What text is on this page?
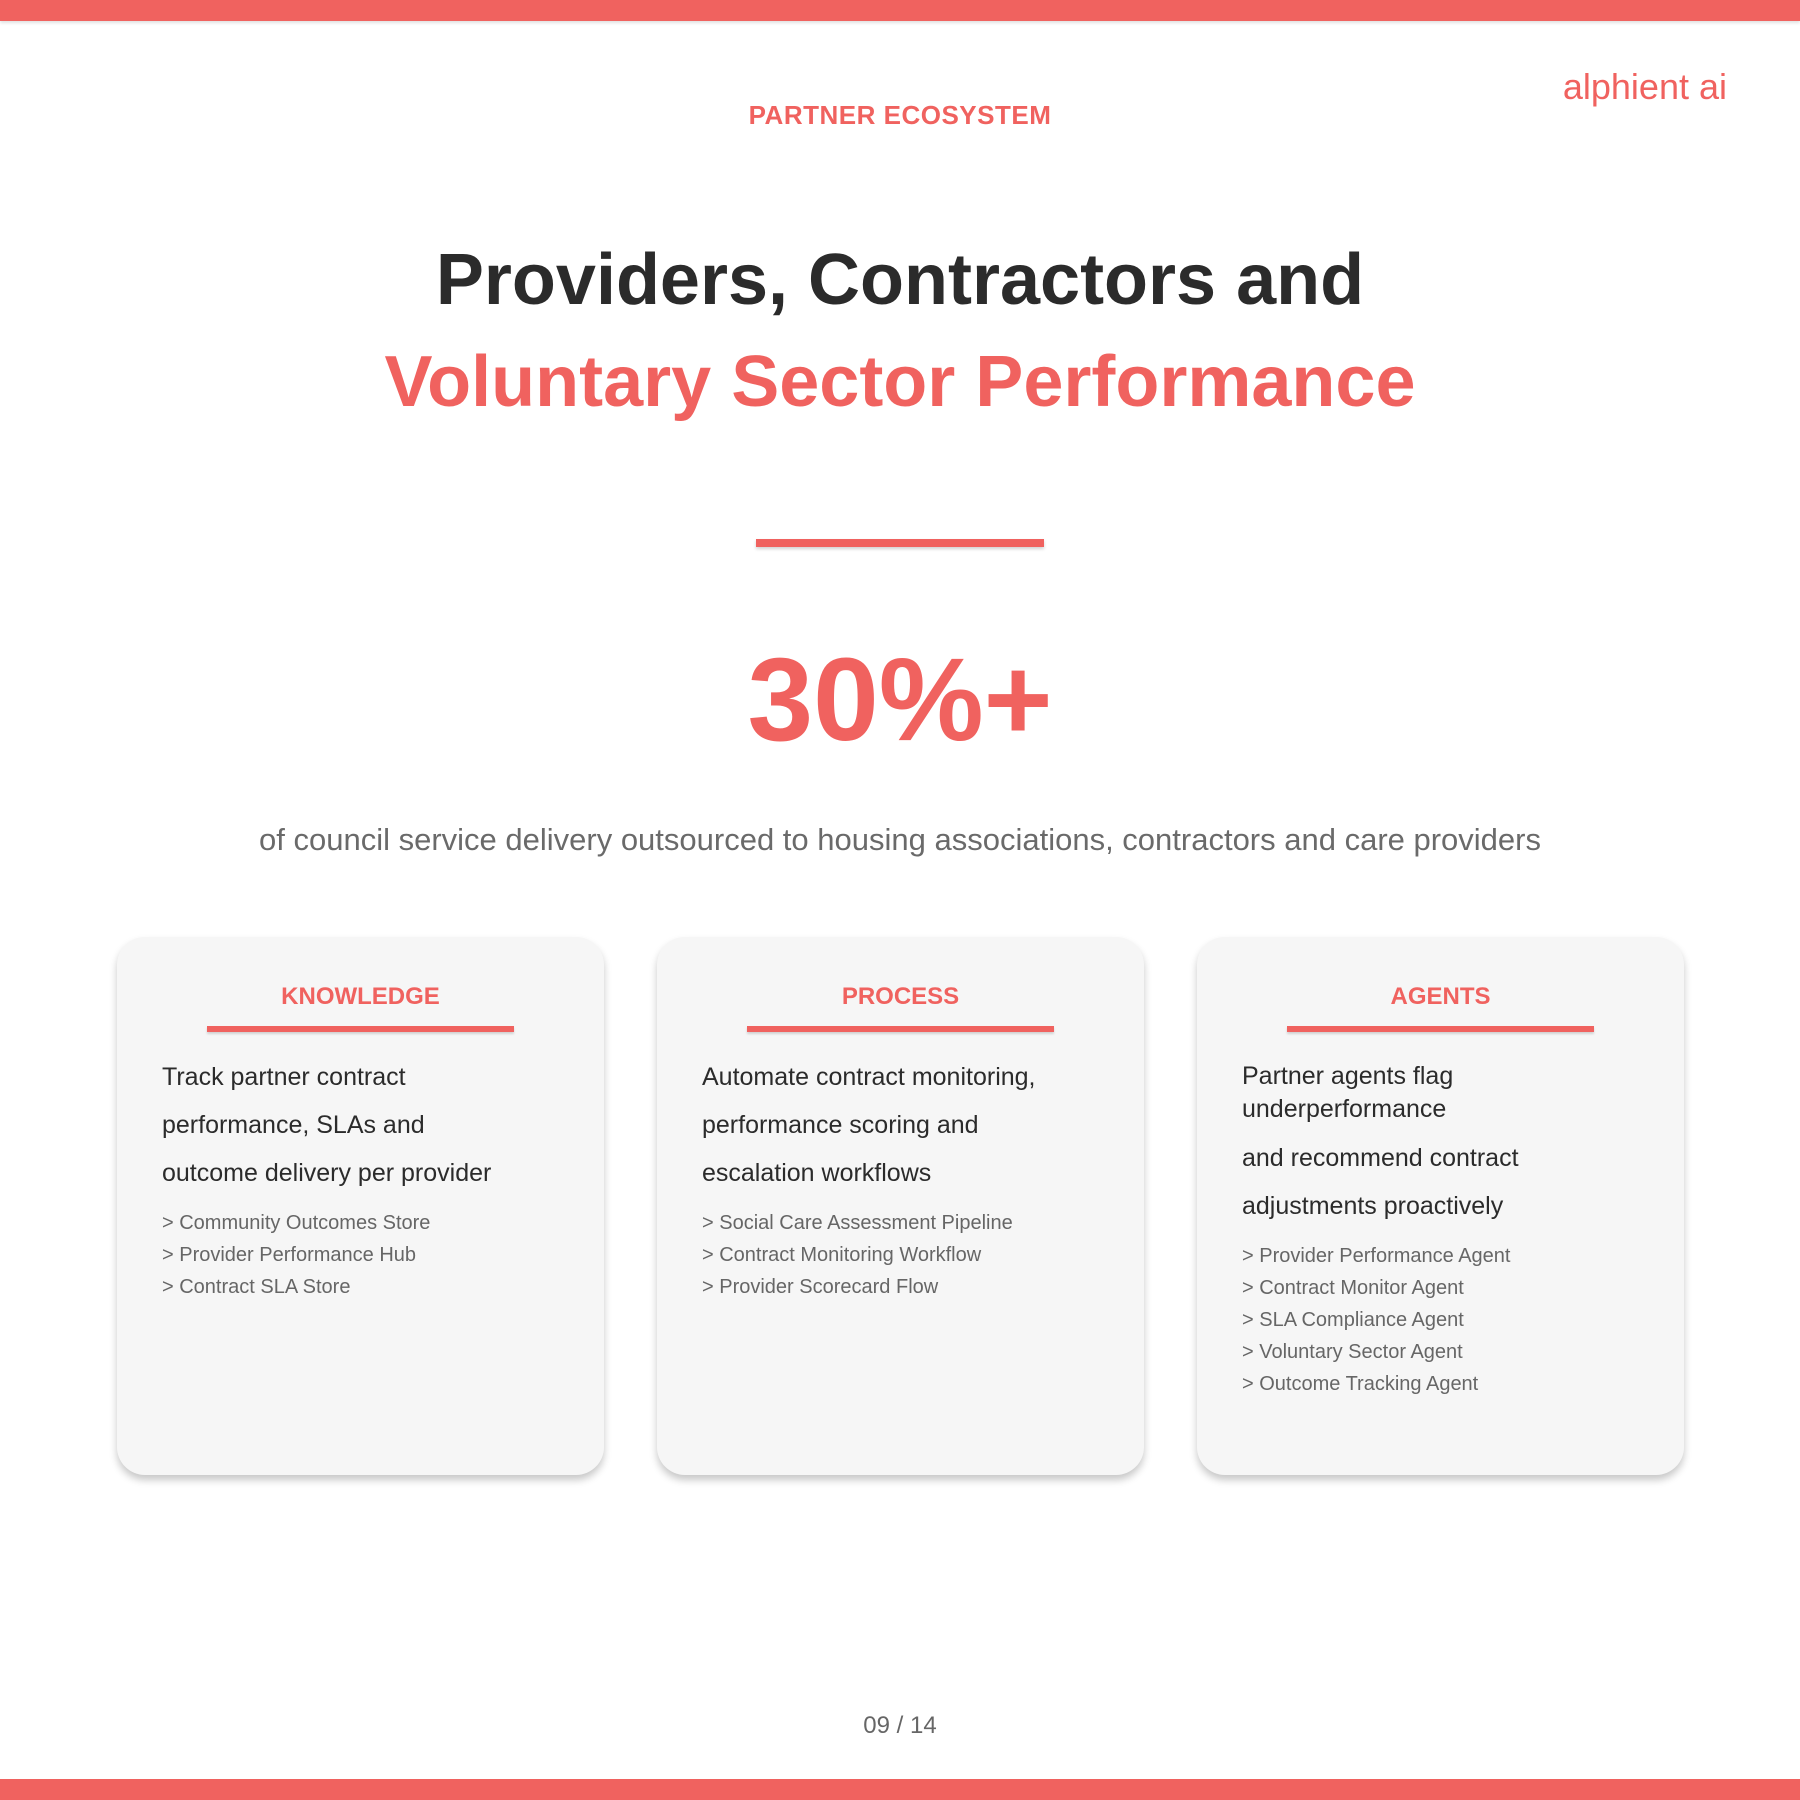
alphient ai
PARTNER ECOSYSTEM
Providers, Contractors and
Voluntary Sector Performance
30%+
of council service delivery outsourced to housing associations, contractors and care providers
KNOWLEDGE
Track partner contract
performance, SLAs and
outcome delivery per provider
> Community Outcomes Store
> Provider Performance Hub
> Contract SLA Store
PROCESS
Automate contract monitoring,
performance scoring and
escalation workflows
> Social Care Assessment Pipeline
> Contract Monitoring Workflow
> Provider Scorecard Flow
AGENTS
Partner agents flag underperformance
and recommend contract
adjustments proactively
> Provider Performance Agent
> Contract Monitor Agent
> SLA Compliance Agent
> Voluntary Sector Agent
> Outcome Tracking Agent
09 / 14
